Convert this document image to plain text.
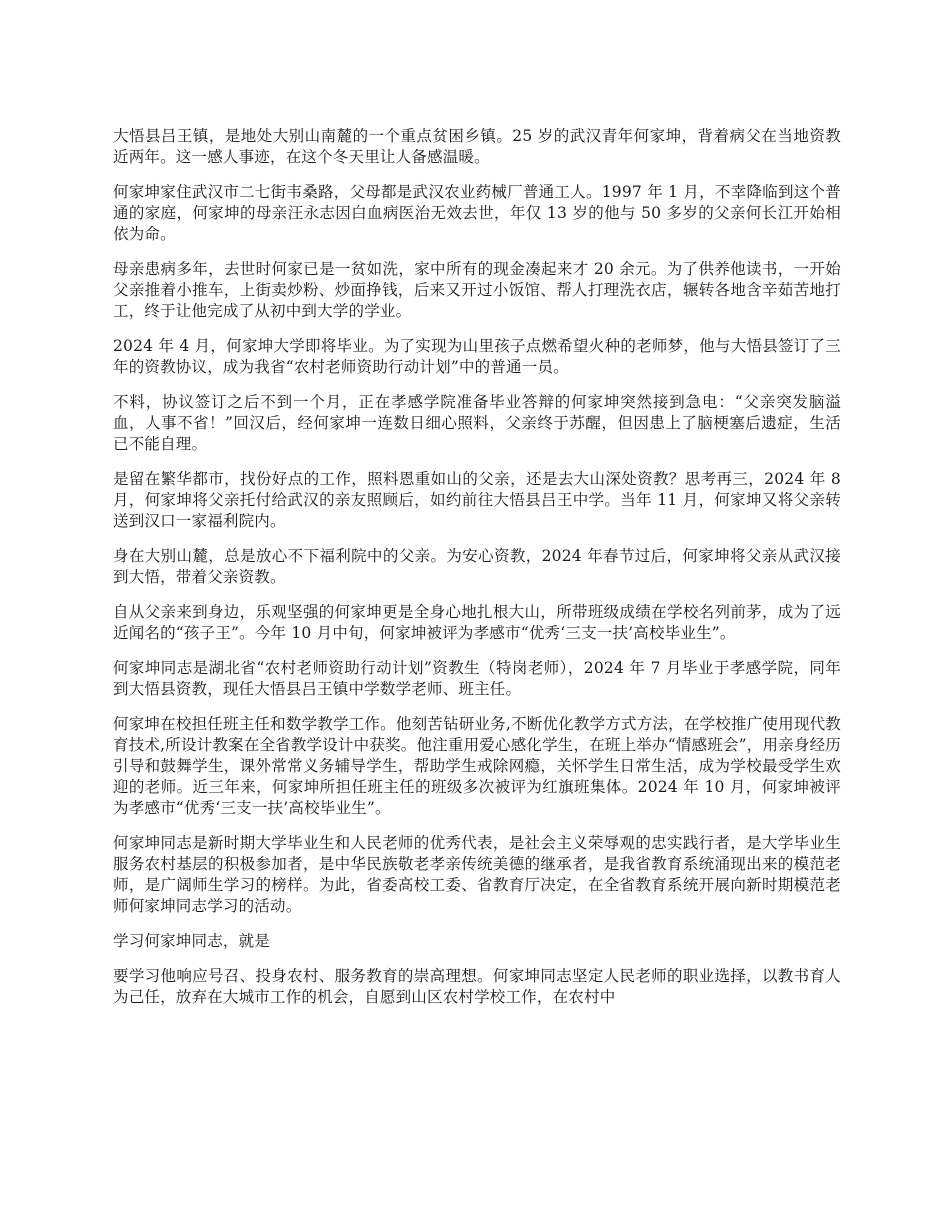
大悟县吕王镇，是地处大别山南麓的一个重点贫困乡镇。25 岁的武汉青年何家坤，背着病父在当地资教近两年。这一感人事迹，在这个冬天里让人备感温暖。

何家坤家住武汉市二七街韦桑路，父母都是武汉农业药械厂普通工人。1997 年 1 月，不幸降临到这个普通的家庭，何家坤的母亲汪永志因白血病医治无效去世，年仅 13 岁的他与 50 多岁的父亲何长江开始相依为命。

母亲患病多年，去世时何家已是一贫如洗，家中所有的现金凑起来才 20 余元。为了供养他读书，一开始父亲推着小推车，上街卖炒粉、炒面挣钱，后来又开过小饭馆、帮人打理洗衣店，辗转各地含辛茹苦地打工，终于让他完成了从初中到大学的学业。

2024 年 4 月，何家坤大学即将毕业。为了实现为山里孩子点燃希望火种的老师梦，他与大悟县签订了三年的资教协议，成为我省“农村老师资助行动计划”中的普通一员。

不料，协议签订之后不到一个月，正在孝感学院准备毕业答辩的何家坤突然接到急电：“父亲突发脑溢血，人事不省！”回汉后，经何家坤一连数日细心照料，父亲终于苏醒，但因患上了脑梗塞后遗症，生活已不能自理。

是留在繁华都市，找份好点的工作，照料恩重如山的父亲，还是去大山深处资教？思考再三，2024 年 8 月，何家坤将父亲托付给武汉的亲友照顾后，如约前往大悟县吕王中学。当年 11 月，何家坤又将父亲转送到汉口一家福利院内。

身在大别山麓，总是放心不下福利院中的父亲。为安心资教，2024 年春节过后，何家坤将父亲从武汉接到大悟，带着父亲资教。

自从父亲来到身边，乐观坚强的何家坤更是全身心地扎根大山，所带班级成绩在学校名列前茅，成为了远近闻名的“孩子王”。今年 10 月中旬，何家坤被评为孝感市“优秀‘三支一扶’高校毕业生”。

何家坤同志是湖北省“农村老师资助行动计划”资教生（特岗老师），2024 年 7 月毕业于孝感学院，同年到大悟县资教，现任大悟县吕王镇中学数学老师、班主任。

何家坤在校担任班主任和数学教学工作。他刻苦钻研业务,不断优化教学方式方法，在学校推广使用现代教育技术,所设计教案在全省教学设计中获奖。他注重用爱心感化学生，在班上举办“情感班会”，用亲身经历引导和鼓舞学生，课外常常义务辅导学生，帮助学生戒除网瘾，关怀学生日常生活，成为学校最受学生欢迎的老师。近三年来，何家坤所担任班主任的班级多次被评为红旗班集体。2024 年 10 月，何家坤被评为孝感市“优秀‘三支一扶’高校毕业生”。

何家坤同志是新时期大学毕业生和人民老师的优秀代表，是社会主义荣辱观的忠实践行者，是大学毕业生服务农村基层的积极参加者，是中华民族敬老孝亲传统美德的继承者，是我省教育系统涌现出来的模范老师，是广阔师生学习的榜样。为此，省委高校工委、省教育厅决定，在全省教育系统开展向新时期模范老师何家坤同志学习的活动。

学习何家坤同志，就是

要学习他响应号召、投身农村、服务教育的崇高理想。何家坤同志坚定人民老师的职业选择，以教书育人为己任，放弃在大城市工作的机会，自愿到山区农村学校工作，在农村中
